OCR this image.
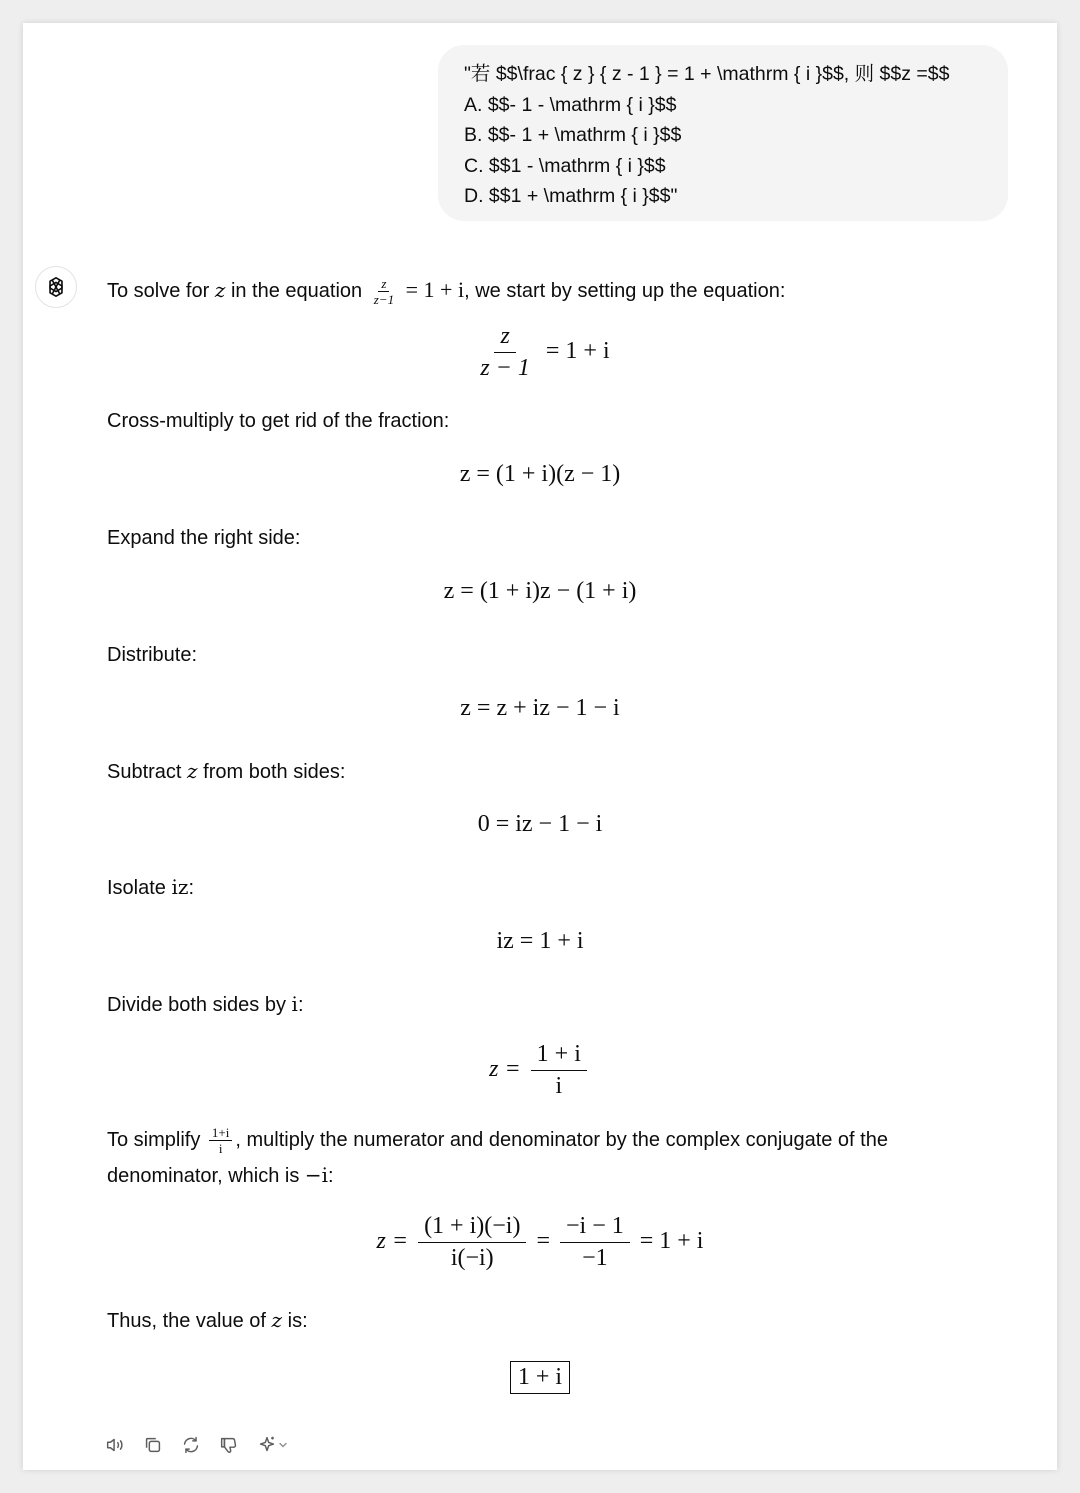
"若 $$\frac { z } { z - 1 } = 1 + \mathrm { i }$$, 则 $$z =$$
A. $$- 1 - \mathrm { i }$$
B. $$- 1 + \mathrm { i }$$
C. $$1 - \mathrm { i }$$
D. $$1 + \mathrm { i }$$"
To solve for z in the equation $\frac{z}{z-1} = 1 + i$, we start by setting up the equation:
$\frac{z}{z - 1} = 1 + i$
Cross-multiply to get rid of the fraction:
z = (1 + i)(z − 1)
Expand the right side:
z = (1 + i)z − (1 + i)
Distribute:
z = z + iz − 1 − i
Subtract z from both sides:
0 = iz − 1 − i
Isolate iz:
iz = 1 + i
Divide both sides by i:
$z = \frac{1 + i}{i}$
To simplify $\frac{1+i}{i}$ , multiply the numerator and denominator by the complex conjugate of the
denominator, which is −i:
$z = \frac{(1 + i)(-i)}{i(-i)} = \frac{-i - 1}{-1} = 1 + i$
Thus, the value of z is:
1 + i
